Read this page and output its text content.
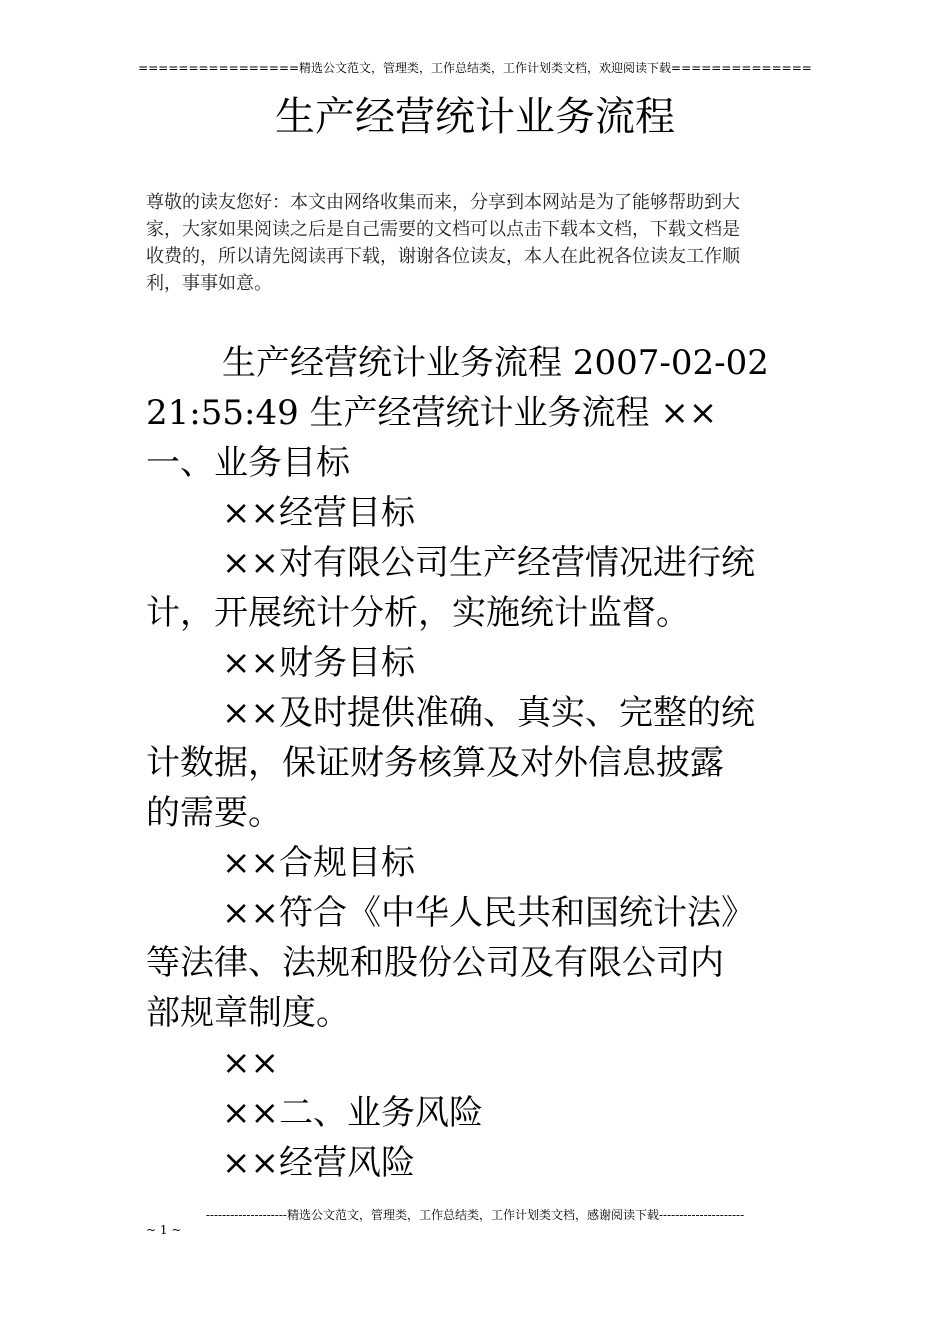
================精选公文范文，管理类，工作总结类，工作计划类文档，欢迎阅读下载==============
生产经营统计业务流程
尊敬的读友您好：本文由网络收集而来，分享到本网站是为了能够帮助到大
家，大家如果阅读之后是自己需要的文档可以点击下载本文档，下载文档是
收费的，所以请先阅读再下载，谢谢各位读友，本人在此祝各位读友工作顺
利，事事如意。
生产经营统计业务流程 2007-02-02
21:55:49 生产经营统计业务流程 ××
一、业务目标
××经营目标
××对有限公司生产经营情况进行统
计，开展统计分析，实施统计监督。
××财务目标
××及时提供准确、真实、完整的统
计数据，保证财务核算及对外信息披露
的需要。
××合规目标
××符合《中华人民共和国统计法》
等法律、法规和股份公司及有限公司内
部规章制度。
××
××二、业务风险
××经营风险
--------------------精选公文范文，管理类，工作总结类，工作计划类文档，感谢阅读下载---------------------
~ 1 ~
